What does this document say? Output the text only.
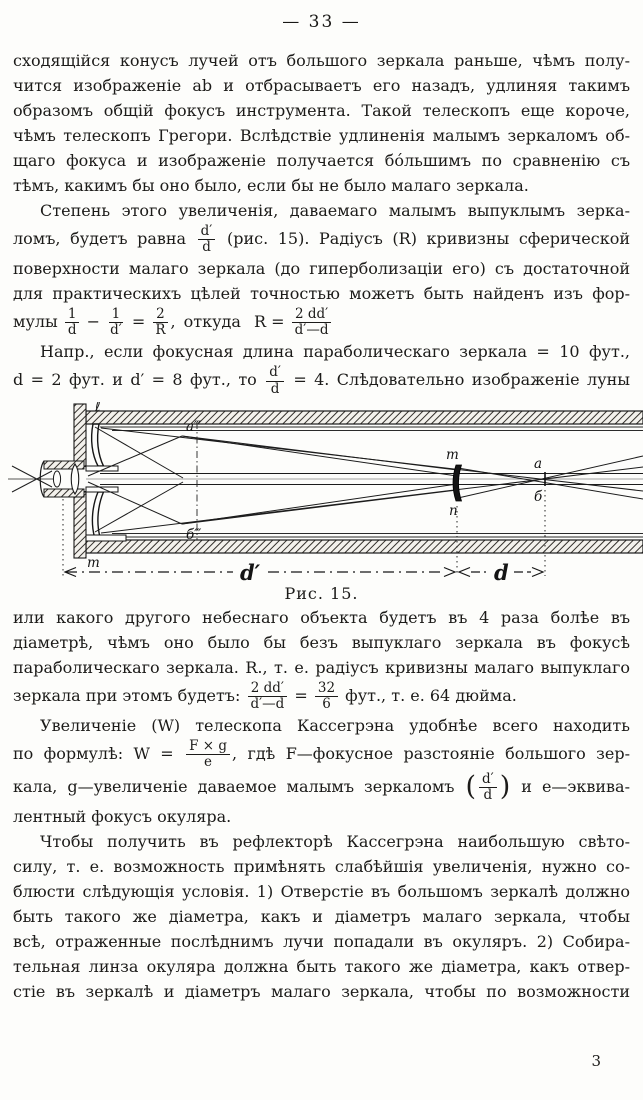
— 33 —
сходящійся конусъ лучей отъ большого зеркала раньше, чѣмъ полу-
чится изображеніе ab и отбрасываетъ его назадъ, удлиняя такимъ
образомъ общій фокусъ инструмента. Такой телескопъ еще короче,
чѣмъ телескопъ Грегори. Вслѣдствіе удлиненія малымъ зеркаломъ об-
щаго фокуса и изображеніе получается бо́льшимъ по сравненію съ
тѣмъ, какимъ бы оно было, если бы не было малаго зеркала.
Степень этого увеличенія, даваемаго малымъ выпуклымъ зерка-
ломъ, будетъ равна $\frac{d'}{d} (рис$. 15). Радіусъ (R) кривизны сферической
поверхности малаго зеркала (до гиперболизаціи его) съ достаточной
для практическихъ цѣлей точностью можетъ быть найденъ изъ фор-
мулы $\frac{1}{d} - \frac{1}{d'} = \frac{2}{R}$ , откуда  $R = \frac{2 dd'}{d'—d}$
Напр., если фокусная длина параболическаго зеркала = 10 фут.,
d = 2 фут. и d′ = 8 фут., то $\frac{d'}{d} = 4$. Слѣдовательно изображеніе луны
ℓ
m
a‴
б‴
m
n
a
б
d′	d
Рис. 15.
или какого другого небеснаго объекта будетъ въ 4 раза болѣе въ
діаметрѣ, чѣмъ оно было бы безъ выпуклаго зеркала въ фокусѣ
параболическаго зеркала. R., т. е. радіусъ кривизны малаго выпуклаго
зеркала при этомъ будетъ: $\frac{2 dd'}{d'—d} = \frac{32}{6}$ фут., т. е. 64 дюйма.
Увеличеніе (W) телескопа Кассегрэна удобнѣе всего находить
по формулѣ: $W = \frac{F \times g}{e}$ , гдѣ F—фокусное разстояніе большого зер-
кала, g—увеличеніе даваемое малымъ зеркаломъ ( $\frac{d'}{d}$ ) и e—эквива-
лентный фокусъ окуляра.
Чтобы получить въ рефлекторѣ Кассегрэна наибольшую свѣто-
силу, т. е. возможность примѣнять слабѣйшія увеличенія, нужно со-
блюсти слѣдующія условія. 1) Отверстіе въ большомъ зеркалѣ должно
быть такого же діаметра, какъ и діаметръ малаго зеркала, чтобы
всѣ, отраженные послѣднимъ лучи попадали въ окуляръ. 2) Собира-
тельная линза окуляра должна быть такого же діаметра, какъ отвер-
стіе въ зеркалѣ и діаметръ малаго зеркала, чтобы по возможности
3
